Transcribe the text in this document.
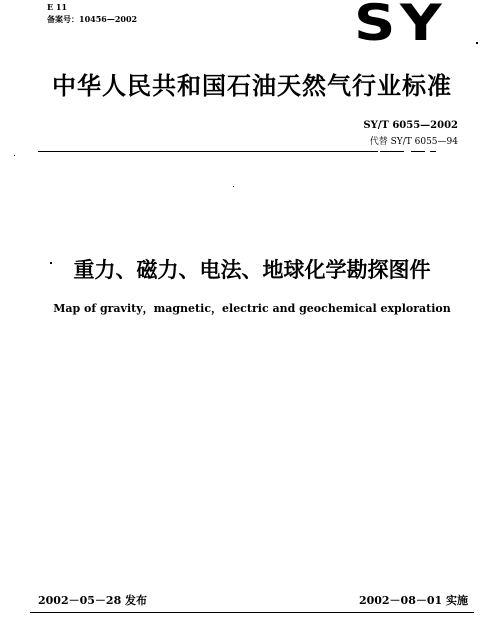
E 11
备案号：10456—2002	SY
中华人民共和国石油天然气行业标准
SY/T 6055—2002
代替 SY/T 6055—94
重力、磁力、电法、地球化学勘探图件
Map of gravity，magnetic，electric and geochemical exploration
2002－05－28 发布	2002－08－01 实施
